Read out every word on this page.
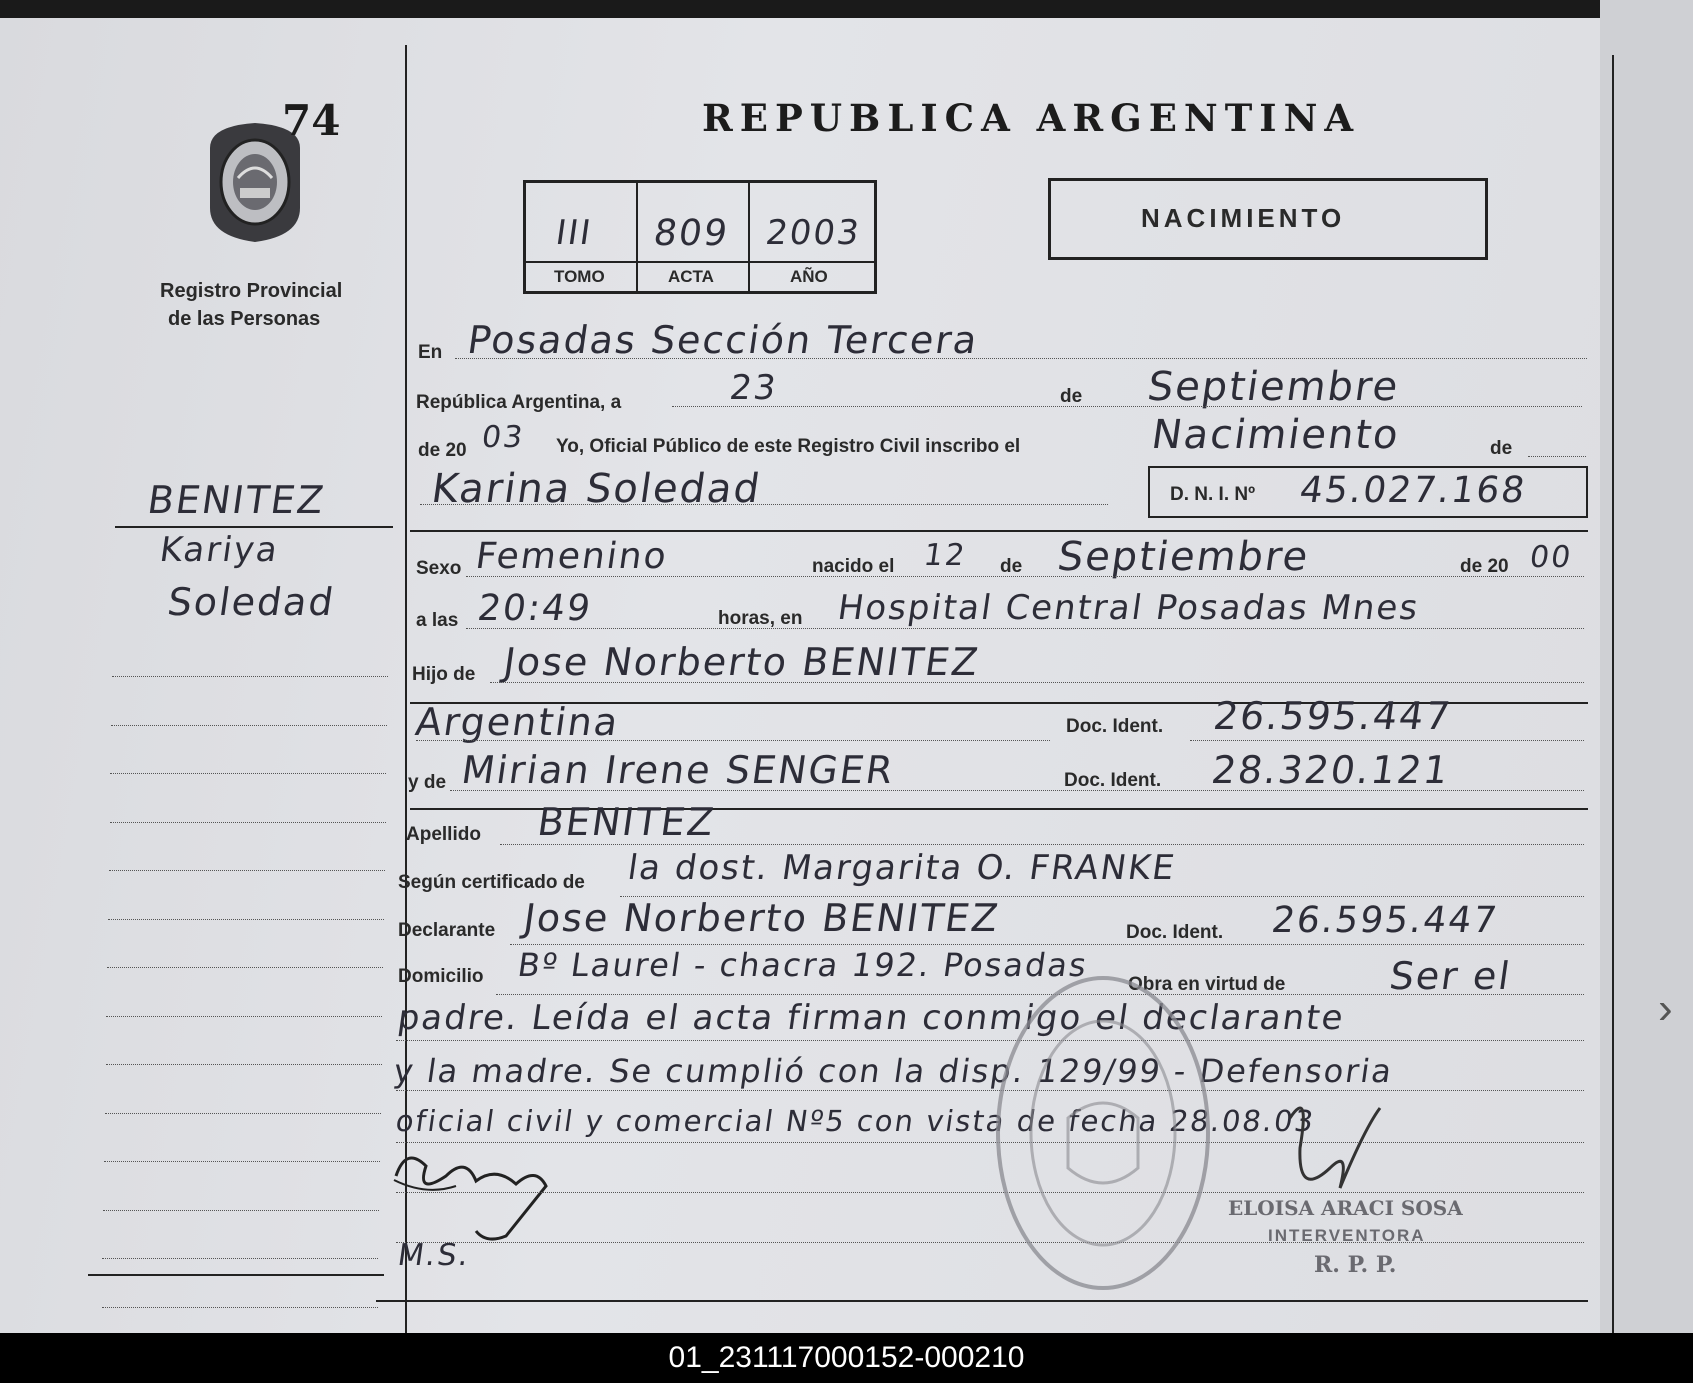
74
Registro Provincial
de las Personas
BENITEZ
Kariya
Soledad
REPUBLICA ARGENTINA
III 809 2003
TOMO	ACTA	AÑO
NACIMIENTO
En Posadas Sección Tercera
República Argentina, a	23	de Septiembre
de 20 03 Yo, Oficial Público de este Registro Civil inscribo el	Nacimiento	de
Karina Soledad	D. N. I. Nº 45.027.168
Sexo Femenino	nacido el 12 de Septiembre	de 20 00
a las 20:49	horas, en Hospital Central Posadas Mnes
Hijo de Jose Norberto BENITEZ
Argentina	Doc. Ident. 26.595.447
y de Mirian Irene SENGER	Doc. Ident. 28.320.121
Apellido BENITEZ
Según certificado de la dost. Margarita O. FRANKE
Declarante Jose Norberto BENITEZ	Doc. Ident. 26.595.447
Domicilio Bº Laurel - chacra 192. Posadas
Obra en virtud de	Ser el
padre. Leída el acta firman conmigo el declarante
y la madre. Se cumplió con la disp. 129/99 - Defensoria
oficial civil y comercial Nº5 con vista de fecha 28.08.03
M.S.
ELOISA ARACI SOSA
INTERVENTORA
R. P. P.
›
01_231117000152-000210
